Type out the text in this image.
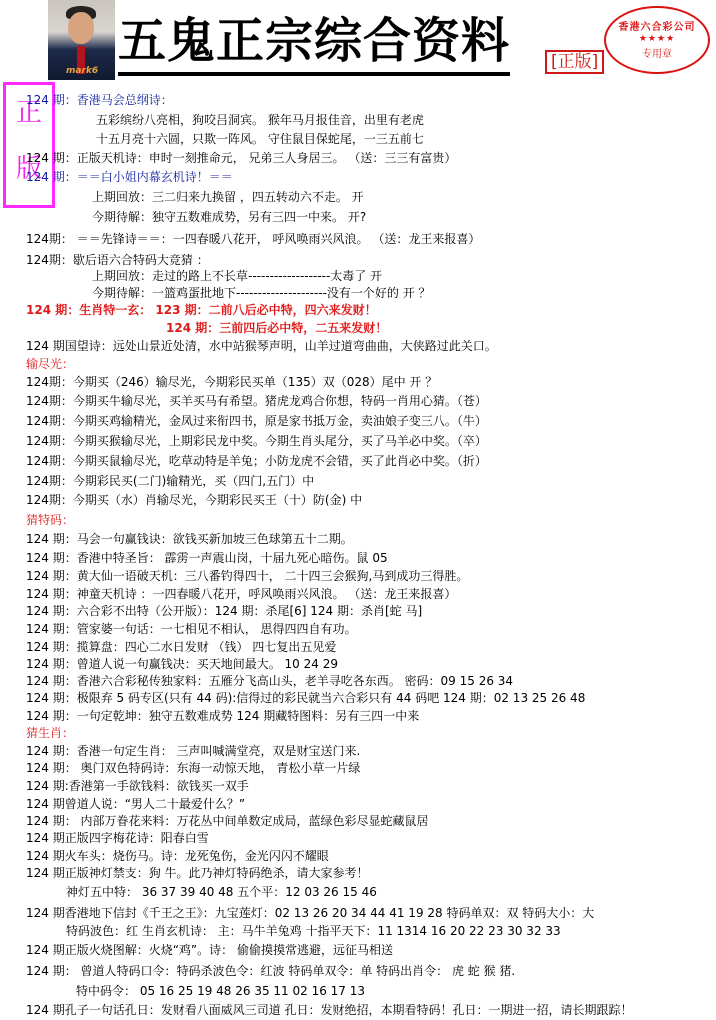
mark6
五鬼正宗综合资料	[正版]
香港六合彩公司
★★★★
专用章
正
版
124 期：香港马会总纲诗：
五彩缤纷八亮相，狗咬吕洞宾。 猴年马月报佳音，出里有老虎
十五月亮十六圆，只欺一阵风。 守住鼠目保蛇尾，一三五前七
124 期：正版天机诗：申时一刻推命元， 兄弟三人身居三。 （送：三三有富贵）
124 期：＝＝白小姐内幕玄机诗！＝＝
上期回放：三二归来九换留 ，四五转动六不走。 开
今期待解：独守五数难成势，另有三四一中来。 开?
124期： ＝＝先锋诗＝＝：一四春暖八花开， 呼风唤雨兴风浪。 （送：龙王来报喜）
124期：歇后语六合特码大竞猜 ：
上期回放：走过的路上不长草-------------------太毒了 开
今期待解：一篮鸡蛋批地下---------------------没有一个好的 开 ？
124 期：生肖特一玄： 123 期：二前八后必中特，四六来发财！
124 期：三前四后必中特，二五来发财！
124 期国望诗：远处山景近处清，水中站猴琴声明，山羊过道弯曲曲，大侠路过此关口。
输尽光：
124期：今期买（246）输尽光，今期彩民买单（135）双（028）尾中 开 ？
124期：今期买牛输尽光，买羊买马有希望。猪虎龙鸡合你想，特码一肖用心猜。（苍）
124期：今期买鸡输精光，金凤过来衔四书，原是家书抵万金，卖油娘子变三八。（牛）
124期：今期买猴输尽光，上期彩民龙中奖。今期生肖头尾分，买了马羊必中奖。（卒）
124期：今期买鼠输尽光，吃草动特是羊兔；小防龙虎不会错，买了此肖必中奖。（折）
124期：今期彩民买(二门)输精光，买（四门,五门）中
124期：今期买（水）肖输尽光，今期彩民买王（十）防(金) 中
猜特码：
124 期：马会一句赢钱诀：欲钱买新加坡三色球第五十二期。
124 期：香港中特圣旨： 霹雳一声震山岗，十届九死心暗伤。鼠 05
124 期：黄大仙一语破天机：三八番钓得四十， 二十四三会猴狗,马到成功三得胜。
124 期：神童天机诗 ：一四春暖八花开，呼风唤雨兴风浪。 （送：龙王来报喜）
124 期：六合彩不出特（公开版）：124 期：杀尾[6] 124 期：杀肖[蛇 马]
124 期：管家婆一句话：一七相见不相认， 思得四四自有功。
124 期：揽算盘：四心二水日发财 （钱） 四七复出五见爱
124 期：曾道人说一句赢钱决：买天地间最大。 10 24 29
124 期：香港六合彩秘传独家料：五雁分飞高山头，老羊寻吃各东西。 密码：09 15 26 34
124 期：极限弃 5 码专区(只有 44 码):信得过的彩民就当六合彩只有 44 码吧 124 期：02 13 25 26 48
124 期：一句定乾坤：独守五数难成势 124 期藏特图料：另有三四一中来
猜生肖：
124 期：香港一句定生肖： 三声叫喊满堂亮，双是财宝送门来.
124 期： 奥门双色特码诗：东海一动惊天地， 青松小草一片绿
124 期:香港第一手欲钱料：欲钱买一双手
124 期曾道人说：“男人二十最爱什么？”
124 期： 内部万眷花来料：万花丛中间单数定成局，蓝绿色彩尽显蛇藏鼠居
124 期正版四字梅花诗：阳春白雪
124 期火车头：烧伤马。诗：龙死兔伤，金光闪闪不耀眼
124 期正版神灯禁支：狗 牛。此乃神灯特码绝杀，请大家参考！
神灯五中特： 36 37 39 40 48 五个平：12 03 26 15 46
124 期香港地下信封《千王之王》：九宝莲灯：02 13 26 20 34 44 41 19 28 特码单双：双 特码大小：大
特码波色：红 生肖玄机诗： 主：马牛羊兔鸡 十指平天下：11 1314 16 20 22 23 30 32 33
124 期正版火烧图解：火烧“鸡”。诗： 偷偷摸摸常逃避，远征马相送
124 期： 曾道人特码口令：特码杀波色令：红波 特码单双令：单 特码出肖令： 虎 蛇 猴 猪.
特中码令： 05 16 25 19 48 26 35 11 02 16 17 13
124 期孔子一句话孔日：发财看八面威风三司道 孔日：发财绝招，本期看特码！孔日：一期进一招，请长期跟踪！
